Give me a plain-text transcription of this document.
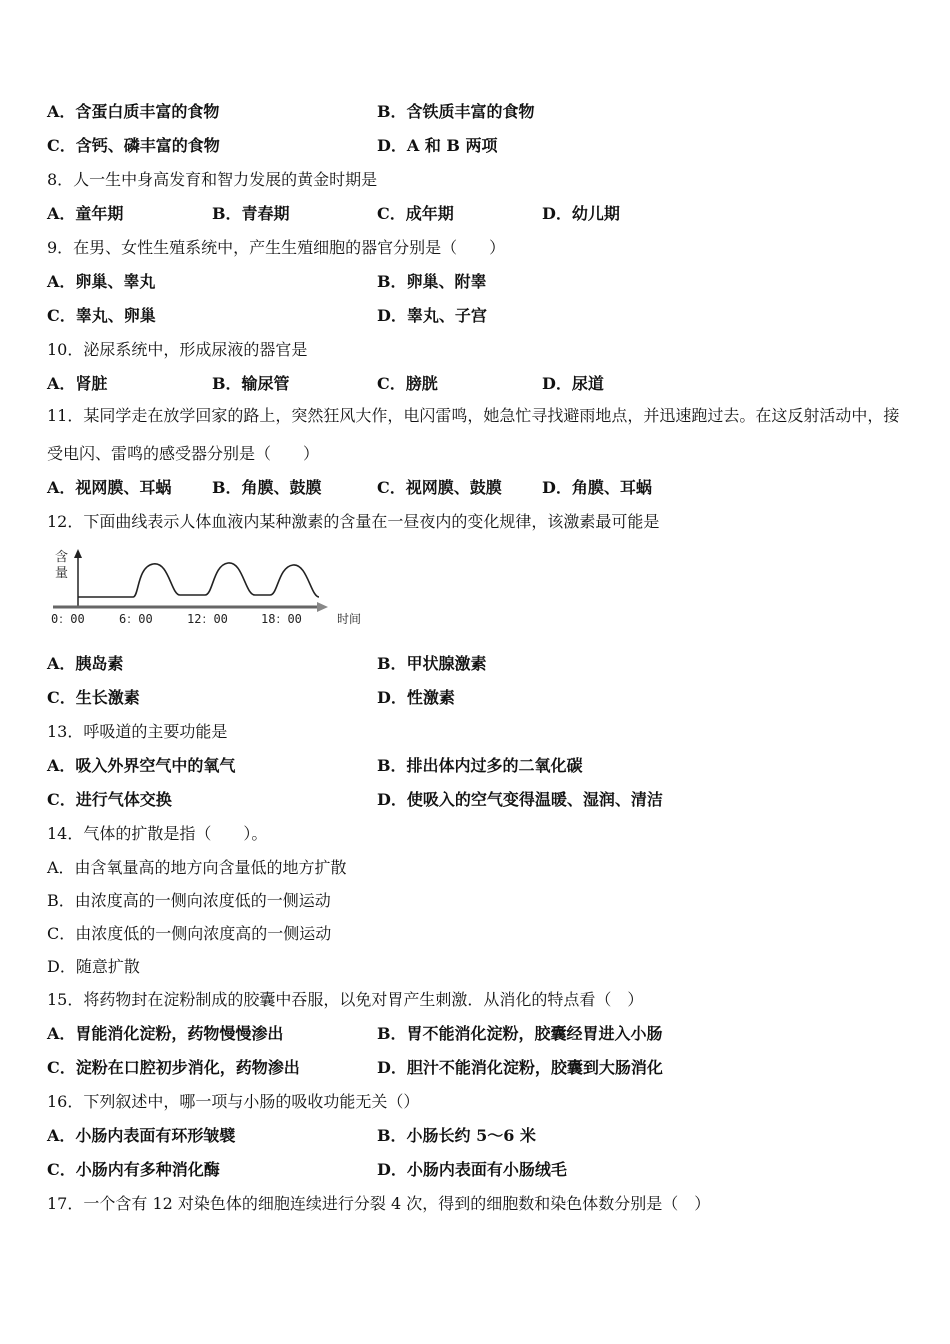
A．含蛋白质丰富的食物	B．含铁质丰富的食物
C．含钙、磷丰富的食物	D．A 和 B 两项
8．人一生中身高发育和智力发展的黄金时期是
A．童年期	B．青春期	C．成年期	D．幼儿期
9．在男、女性生殖系统中，产生生殖细胞的器官分别是（　　）
A．卵巢、睾丸	B．卵巢、附睾
C．睾丸、卵巢	D．睾丸、子宫
10．泌尿系统中，形成尿液的器官是
A．肾脏	B．输尿管	C．膀胱	D．尿道
11．某同学走在放学回家的路上，突然狂风大作，电闪雷鸣，她急忙寻找避雨地点，并迅速跑过去。在这反射活动中，接受电闪、雷鸣的感受器分别是（　　）
A．视网膜、耳蜗	B．角膜、鼓膜	C．视网膜、鼓膜	D．角膜、耳蜗
12．下面曲线表示人体血液内某种激素的含量在一昼夜内的变化规律，该激素最可能是
含
量
0：00	6：00	12：00	18：00	时间
A．胰岛素	B．甲状腺激素
C．生长激素	D．性激素
13．呼吸道的主要功能是
A．吸入外界空气中的氧气	B．排出体内过多的二氧化碳
C．进行气体交换	D．使吸入的空气变得温暖、湿润、清洁
14．气体的扩散是指（　　）。
A．由含氧量高的地方向含量低的地方扩散
B．由浓度高的一侧向浓度低的一侧运动
C．由浓度低的一侧向浓度高的一侧运动
D．随意扩散
15．将药物封在淀粉制成的胶囊中吞服，以免对胃产生刺激．从消化的特点看（　）
A．胃能消化淀粉，药物慢慢渗出	B．胃不能消化淀粉，胶囊经胃进入小肠
C．淀粉在口腔初步消化，药物渗出	D．胆汁不能消化淀粉，胶囊到大肠消化
16．下列叙述中，哪一项与小肠的吸收功能无关（）
A．小肠内表面有环形皱襞	B．小肠长约 5～6 米
C．小肠内有多种消化酶	D．小肠内表面有小肠绒毛
17．一个含有 12 对染色体的细胞连续进行分裂 4 次，得到的细胞数和染色体数分别是（　）
